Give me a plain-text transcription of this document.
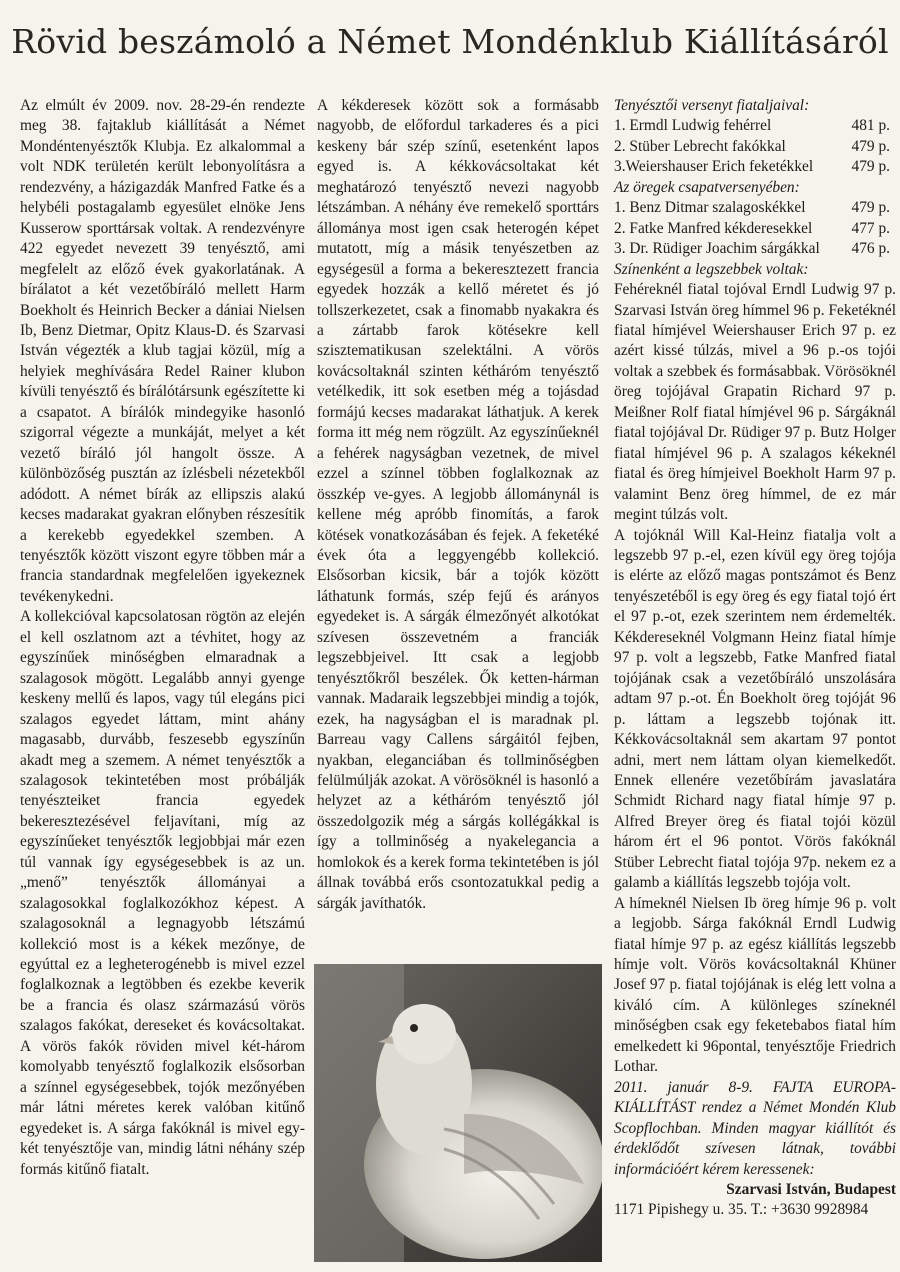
Rövid beszámoló a Német Mondénklub Kiállításáról

Az elmúlt év 2009. nov. 28-29-én rendezte meg 38. fajtaklub kiállítását a Német Mondéntenyésztők Klubja. Ez alkalommal a volt NDK területén került lebonyolításra a rendezvény, a házigazdák Manfred Fatke és a helybéli postagalamb egyesület elnöke Jens Kusserow sporttársak voltak. A rendezvényre 422 egyedet nevezett 39 tenyésztő, ami megfelelt az előző évek gyakorlatának. A bírálatot a két vezetőbíráló mellett Harm Boekholt és Heinrich Becker a dániai Nielsen Ib, Benz Dietmar, Opitz Klaus-D. és Szarvasi István végezték a klub tagjai közül, míg a helyiek meghívására Redel Rainer klubon kívüli tenyésztő és bírálótársunk egészítette ki a csapatot. A bírálók mindegyike hasonló szigorral végezte a munkáját, melyet a két vezető bíráló jól hangolt össze. A különbözőség pusztán az ízlésbeli nézetekből adódott. A német bírák az ellipszis alakú kecses madarakat gyakran előnyben részesítik a kerekebb egyedekkel szemben. A tenyésztők között viszont egyre többen már a francia standardnak megfelelően igyekeznek tevékenykedni.

A kollekcióval kapcsolatosan rögtön az elején el kell oszlatnom azt a tévhitet, hogy az egyszínűek minőségben elmaradnak a szalagosok mögött. Legalább annyi gyenge keskeny mellű és lapos, vagy túl elegáns pici szalagos egyedet láttam, mint ahány magasabb, durvább, feszesebb egyszínűn akadt meg a szemem. A német tenyésztők a szalagosok tekintetében most próbálják tenyészteiket francia egyedek bekeresztezésével feljavítani, míg az egyszínűeket tenyésztők legjobbjai már ezen túl vannak így egységesebbek is az un. „menő” tenyésztők állományai a szalagosokkal foglalkozókhoz képest. A szalagosoknál a legnagyobb létszámú kollekció most is a kékek mezőnye, de egyúttal ez a legheterogénebb is mivel ezzel foglalkoznak a legtöbben és ezekbe keverik be a francia és olasz származású vörös szalagos fakókat, dereseket és kovácsoltakat. A vörös fakók röviden mivel két-három komolyabb tenyésztő foglalkozik elsősorban a színnel egységesebbek, tojók mezőnyében már látni méretes kerek valóban kitűnő egyedeket is. A sárga fakóknál is mivel egy-két tenyésztője van, mindig látni néhány szép formás kitűnő fiatalt.

A kékderesek között sok a formásabb nagyobb, de előfordul tarkaderes és a pici keskeny bár szép színű, esetenként lapos egyed is. A kékkovácsoltakat két meghatározó tenyésztő nevezi nagyobb létszámban. A néhány éve remekelő sporttárs állománya most igen csak heterogén képet mutatott, míg a másik tenyészetben az egységesül a forma a bekeresztezett francia egyedek hozzák a kellő méretet és jó tollszerkezetet, csak a finomabb nyakakra és a zártabb farok kötésekre kell szisztematikusan szelektálni. A vörös kovácsoltaknál szinten kétháróm tenyésztő vetélkedik, itt sok esetben még a tojásdad formájú kecses madarakat láthatjuk. A kerek forma itt még nem rögzült. Az egyszínűeknél a fehérek nagyságban vezetnek, de mivel ezzel a színnel többen foglalkoznak az összkép ve-gyes. A legjobb állománynál is kellene még apróbb finomítás, a farok kötések vonatkozásában és fejek. A feketéké évek óta a leggyengébb kollekció. Elsősorban kicsik, bár a tojók között láthatunk formás, szép fejű és arányos egyedeket is. A sárgák élmezőnyét alkotókat szívesen összevetném a franciák legszebbjeivel. Itt csak a legjobb tenyésztőkről beszélek. Ők ketten-hárman vannak. Madaraik legszebbjei mindig a tojók, ezek, ha nagyságban el is maradnak pl. Barreau vagy Callens sárgáitól fejben, nyakban, eleganciában és tollminőségben felülmúlják azokat. A vörösöknél is hasonló a helyzet az a kétháróm tenyésztő jól összedolgozik még a sárgás kollégákkal is így a tollminőség a nyakelegancia a homlokok és a kerek forma tekintetében is jól állnak továbbá erős csontozatukkal pedig a sárgák javíthatók.

Tenyésztői versenyt fiataljaival:
1. Ermdl Ludwig fehérrel	481 p.
2. Stüber Lebrecht fakókkal	479 p.
3.Weiershauser Erich feketékkel 479 p.
Az öregek csapatversenyében:
1. Benz Ditmar szalagoskékkel	479 p.
2. Fatke Manfred kékderesekkel	477 p.
3. Dr. Rüdiger Joachim sárgákkal 476 p.
Színenként a legszebbek voltak:

Fehéreknél fiatal tojóval Erndl Ludwig 97 p. Szarvasi István öreg hímmel 96 p. Feketéknél fiatal hímjével Weiershauser Erich 97 p. ez azért kissé túlzás, mivel a 96 p.-os tojói voltak a szebbek és formásabbak. Vörösöknél öreg tojójával Grapatin Richard 97 p. Meißner Rolf fiatal hímjével 96 p. Sárgáknál fiatal tojójával Dr. Rüdiger 97 p. Butz Holger fiatal hímjével 96 p. A szalagos kékeknél fiatal és öreg hímjeivel Boekholt Harm 97 p. valamint Benz öreg hímmel, de ez már megint túlzás volt.

A tojóknál Will Kal-Heinz fiatalja volt a legszebb 97 p.-el, ezen kívül egy öreg tojója is elérte az előző magas pontszámot és Benz tenyészetéből is egy öreg és egy fiatal tojó ért el 97 p.-ot, ezek szerintem nem érdemelték. Kékdereseknél Volgmann Heinz fiatal hímje 97 p. volt a legszebb, Fatke Manfred fiatal tojójának csak a vezetőbíráló unszolására adtam 97 p.-ot. Én Boekholt öreg tojóját 96 p. láttam a legszebb tojónak itt. Kékkovácsoltaknál sem akartam 97 pontot adni, mert nem láttam olyan kiemelkedőt. Ennek ellenére vezetőbírám javaslatára Schmidt Richard nagy fiatal hímje 97 p. Alfred Breyer öreg és fiatal tojói közül három ért el 96 pontot. Vörös fakóknál Stüber Lebrecht fiatal tojója 97p. nekem ez a galamb a kiállítás legszebb tojója volt.

A hímeknél Nielsen Ib öreg hímje 96 p. volt a legjobb. Sárga fakóknál Erndl Ludwig fiatal hímje 97 p. az egész kiállítás legszebb hímje volt. Vörös kovácsoltaknál Khüner Josef 97 p. fiatal tojójának is elég lett volna a kiváló cím. A különleges színeknél minőségben csak egy feketebabos fiatal hím emelkedett ki 96pontal, tenyésztője Friedrich Lothar.

2011. január 8-9. FAJTA EUROPA-KIÁLLÍTÁST rendez a Német Mondén Klub Scopflochban. Minden magyar kiállítót és érdeklődőt szívesen látnak, további információért kérem keressenek:

Szarvasi István, Budapest
1171 Pipishegy u. 35. T.: +3630 9928984
